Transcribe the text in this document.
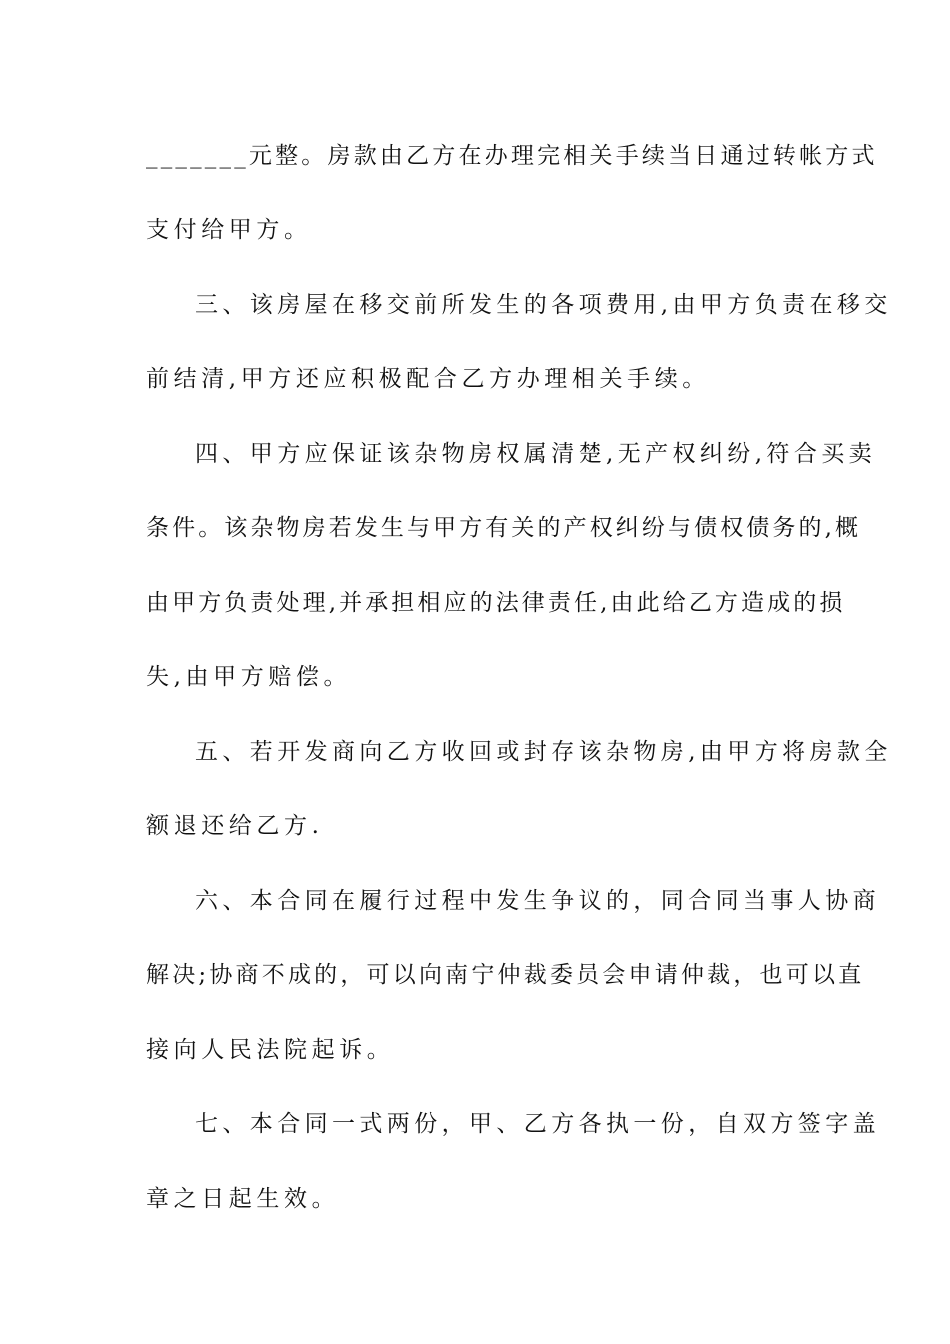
_______元整。房款由乙方在办理完相关手续当日通过转帐方式
支付给甲方。
三、该房屋在移交前所发生的各项费用,由甲方负责在移交
前结清,甲方还应积极配合乙方办理相关手续。
四、甲方应保证该杂物房权属清楚,无产权纠纷,符合买卖
条件。该杂物房若发生与甲方有关的产权纠纷与债权债务的,概
由甲方负责处理,并承担相应的法律责任,由此给乙方造成的损
失,由甲方赔偿。
五、若开发商向乙方收回或封存该杂物房,由甲方将房款全
额退还给乙方.
六、本合同在履行过程中发生争议的，同合同当事人协商
解决;协商不成的，可以向南宁仲裁委员会申请仲裁，也可以直
接向人民法院起诉。
七、本合同一式两份，甲、乙方各执一份，自双方签字盖
章之日起生效。
